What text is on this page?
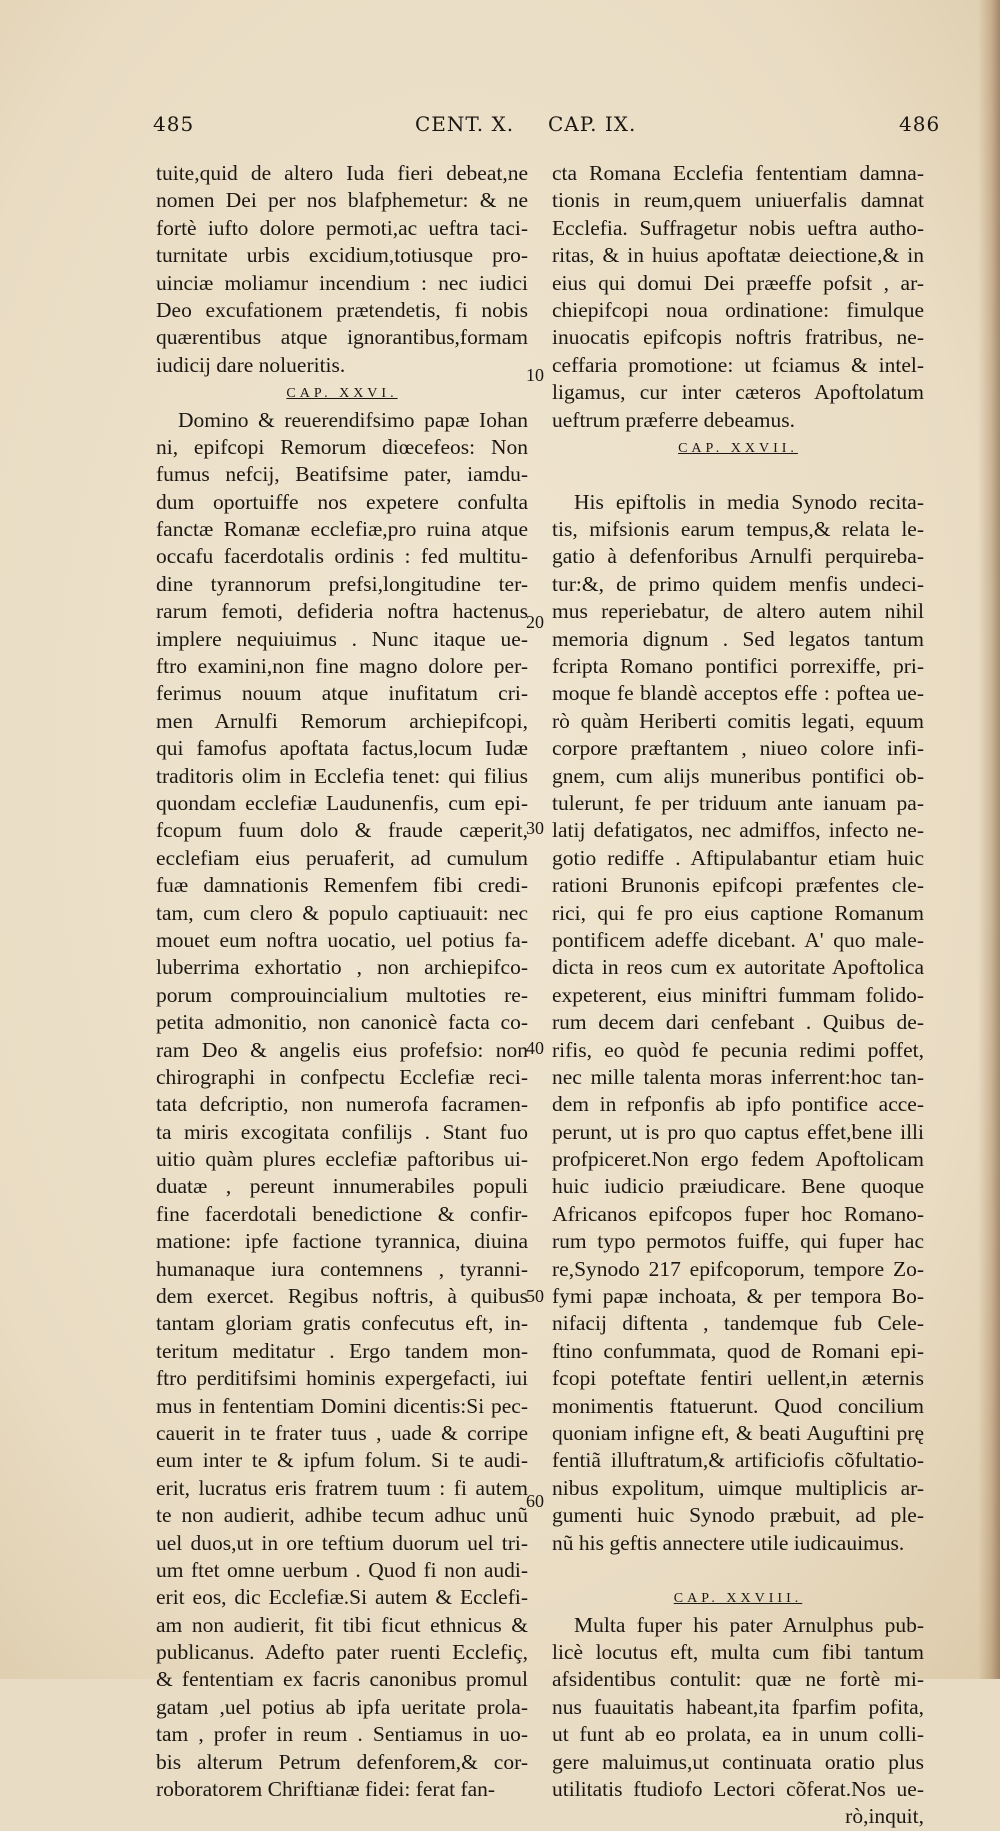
485	CENT. X. CAP. IX.	486
tuite,quid de altero Iuda fieri debeat,ne
nomen Dei per nos blafphemetur: & ne
fortè iufto dolore permoti,ac ueftra taci-
turnitate urbis excidium,totiusque pro-
uinciæ moliamur incendium : nec iudici
Deo excufationem prætendetis, fi nobis
quærentibus atque ignorantibus,formam
iudicij dare nolueritis.
CAP. XXVI.
Domino & reuerendifsimo papæ Iohan
ni, epifcopi Remorum diœcefeos: Non
fumus nefcij, Beatifsime pater, iamdu-
dum oportuiffe nos expetere confulta
fanctæ Romanæ ecclefiæ,pro ruina atque
occafu facerdotalis ordinis : fed multitu-
dine tyrannorum prefsi,longitudine ter-
rarum femoti, defideria noftra hactenus
implere nequiuimus . Nunc itaque ue-
ftro examini,non fine magno dolore per-
ferimus nouum atque inufitatum cri-
men Arnulfi Remorum archiepifcopi,
qui famofus apoftata factus,locum Iudæ
traditoris olim in Ecclefia tenet: qui filius
quondam ecclefiæ Laudunenfis, cum epi-
fcopum fuum dolo & fraude cæperit,
ecclefiam eius peruaferit, ad cumulum
fuæ damnationis Remenfem fibi credi-
tam, cum clero & populo captiuauit: nec
mouet eum noftra uocatio, uel potius fa-
luberrima exhortatio , non archiepifco-
porum comprouincialium multoties re-
petita admonitio, non canonicè facta co-
ram Deo & angelis eius profefsio: non
chirographi in confpectu Ecclefiæ reci-
tata defcriptio, non numerofa facramen-
ta miris excogitata confilijs . Stant fuo
uitio quàm plures ecclefiæ paftoribus ui-
duatæ , pereunt innumerabiles populi
fine facerdotali benedictione & confir-
matione: ipfe factione tyrannica, diuina
humanaque iura contemnens , tyranni-
dem exercet. Regibus noftris, à quibus
tantam gloriam gratis confecutus eft, in-
teritum meditatur . Ergo tandem mon-
ftro perditifsimi hominis expergefacti, iui
mus in fententiam Domini dicentis:Si pec-
cauerit in te frater tuus , uade & corripe
eum inter te & ipfum folum. Si te audi-
erit, lucratus eris fratrem tuum : fi autem
te non audierit, adhibe tecum adhuc unũ
uel duos,ut in ore teftium duorum uel tri-
um ftet omne uerbum . Quod fi non audi-
erit eos, dic Ecclefiæ.Si autem & Ecclefi-
am non audierit, fit tibi ficut ethnicus &
publicanus. Adefto pater ruenti Ecclefiç,
& fententiam ex facris canonibus promul
gatam ,uel potius ab ipfa ueritate prola-
tam , profer in reum . Sentiamus in uo-
bis alterum Petrum defenforem,& cor-
roboratorem Chriftianæ fidei: ferat fan-
cta Romana Ecclefia fententiam damna-
tionis in reum,quem uniuerfalis damnat
Ecclefia. Suffragetur nobis ueftra autho-
ritas, & in huius apoftatæ deiectione,& in
eius qui domui Dei præeffe pofsit , ar-
chiepifcopi noua ordinatione: fimulque
inuocatis epifcopis noftris fratribus, ne-
ceffaria promotione: ut fciamus & intel-
ligamus, cur inter cæteros Apoftolatum
ueftrum præferre debeamus.
CAP. XXVII.
His epiftolis in media Synodo recita-
tis, mifsionis earum tempus,& relata le-
gatio à defenforibus Arnulfi perquireba-
tur:&, de primo quidem menfis undeci-
mus reperiebatur, de altero autem nihil
memoria dignum . Sed legatos tantum
fcripta Romano pontifici porrexiffe, pri-
moque fe blandè acceptos effe : poftea ue-
rò quàm Heriberti comitis legati, equum
corpore præftantem , niueo colore infi-
gnem, cum alijs muneribus pontifici ob-
tulerunt, fe per triduum ante ianuam pa-
latij defatigatos, nec admiffos, infecto ne-
gotio rediffe . Aftipulabantur etiam huic
rationi Brunonis epifcopi præfentes cle-
rici, qui fe pro eius captione Romanum
pontificem adeffe dicebant. A' quo male-
dicta in reos cum ex autoritate Apoftolica
expeterent, eius miniftri fummam folido-
rum decem dari cenfebant . Quibus de-
rifis, eo quòd fe pecunia redimi poffet,
nec mille talenta moras inferrent:hoc tan-
dem in refponfis ab ipfo pontifice acce-
perunt, ut is pro quo captus effet,bene illi
profpiceret.Non ergo fedem Apoftolicam
huic iudicio præiudicare. Bene quoque
Africanos epifcopos fuper hoc Romano-
rum typo permotos fuiffe, qui fuper hac
re,Synodo 217 epifcoporum, tempore Zo-
fymi papæ inchoata, & per tempora Bo-
nifacij diftenta , tandemque fub Cele-
ftino confummata, quod de Romani epi-
fcopi poteftate fentiri uellent,in æternis
monimentis ftatuerunt. Quod concilium
quoniam infigne eft, & beati Auguftini prę
fentiã illuftratum,& artificiofis cõfultatio-
nibus expolitum, uimque multiplicis ar-
gumenti huic Synodo præbuit, ad ple-
nũ his geftis annectere utile iudicauimus.
CAP. XXVIII.
Multa fuper his pater Arnulphus pub-
licè locutus eft, multa cum fibi tantum
afsidentibus contulit: quæ ne fortè mi-
nus fuauitatis habeant,ita fparfim pofita,
ut funt ab eo prolata, ea in unum colli-
gere maluimus,ut continuata oratio plus
utilitatis ftudiofo Lectori cõferat.Nos ue-
rò,inquit,
10
20
30
40
50
60
